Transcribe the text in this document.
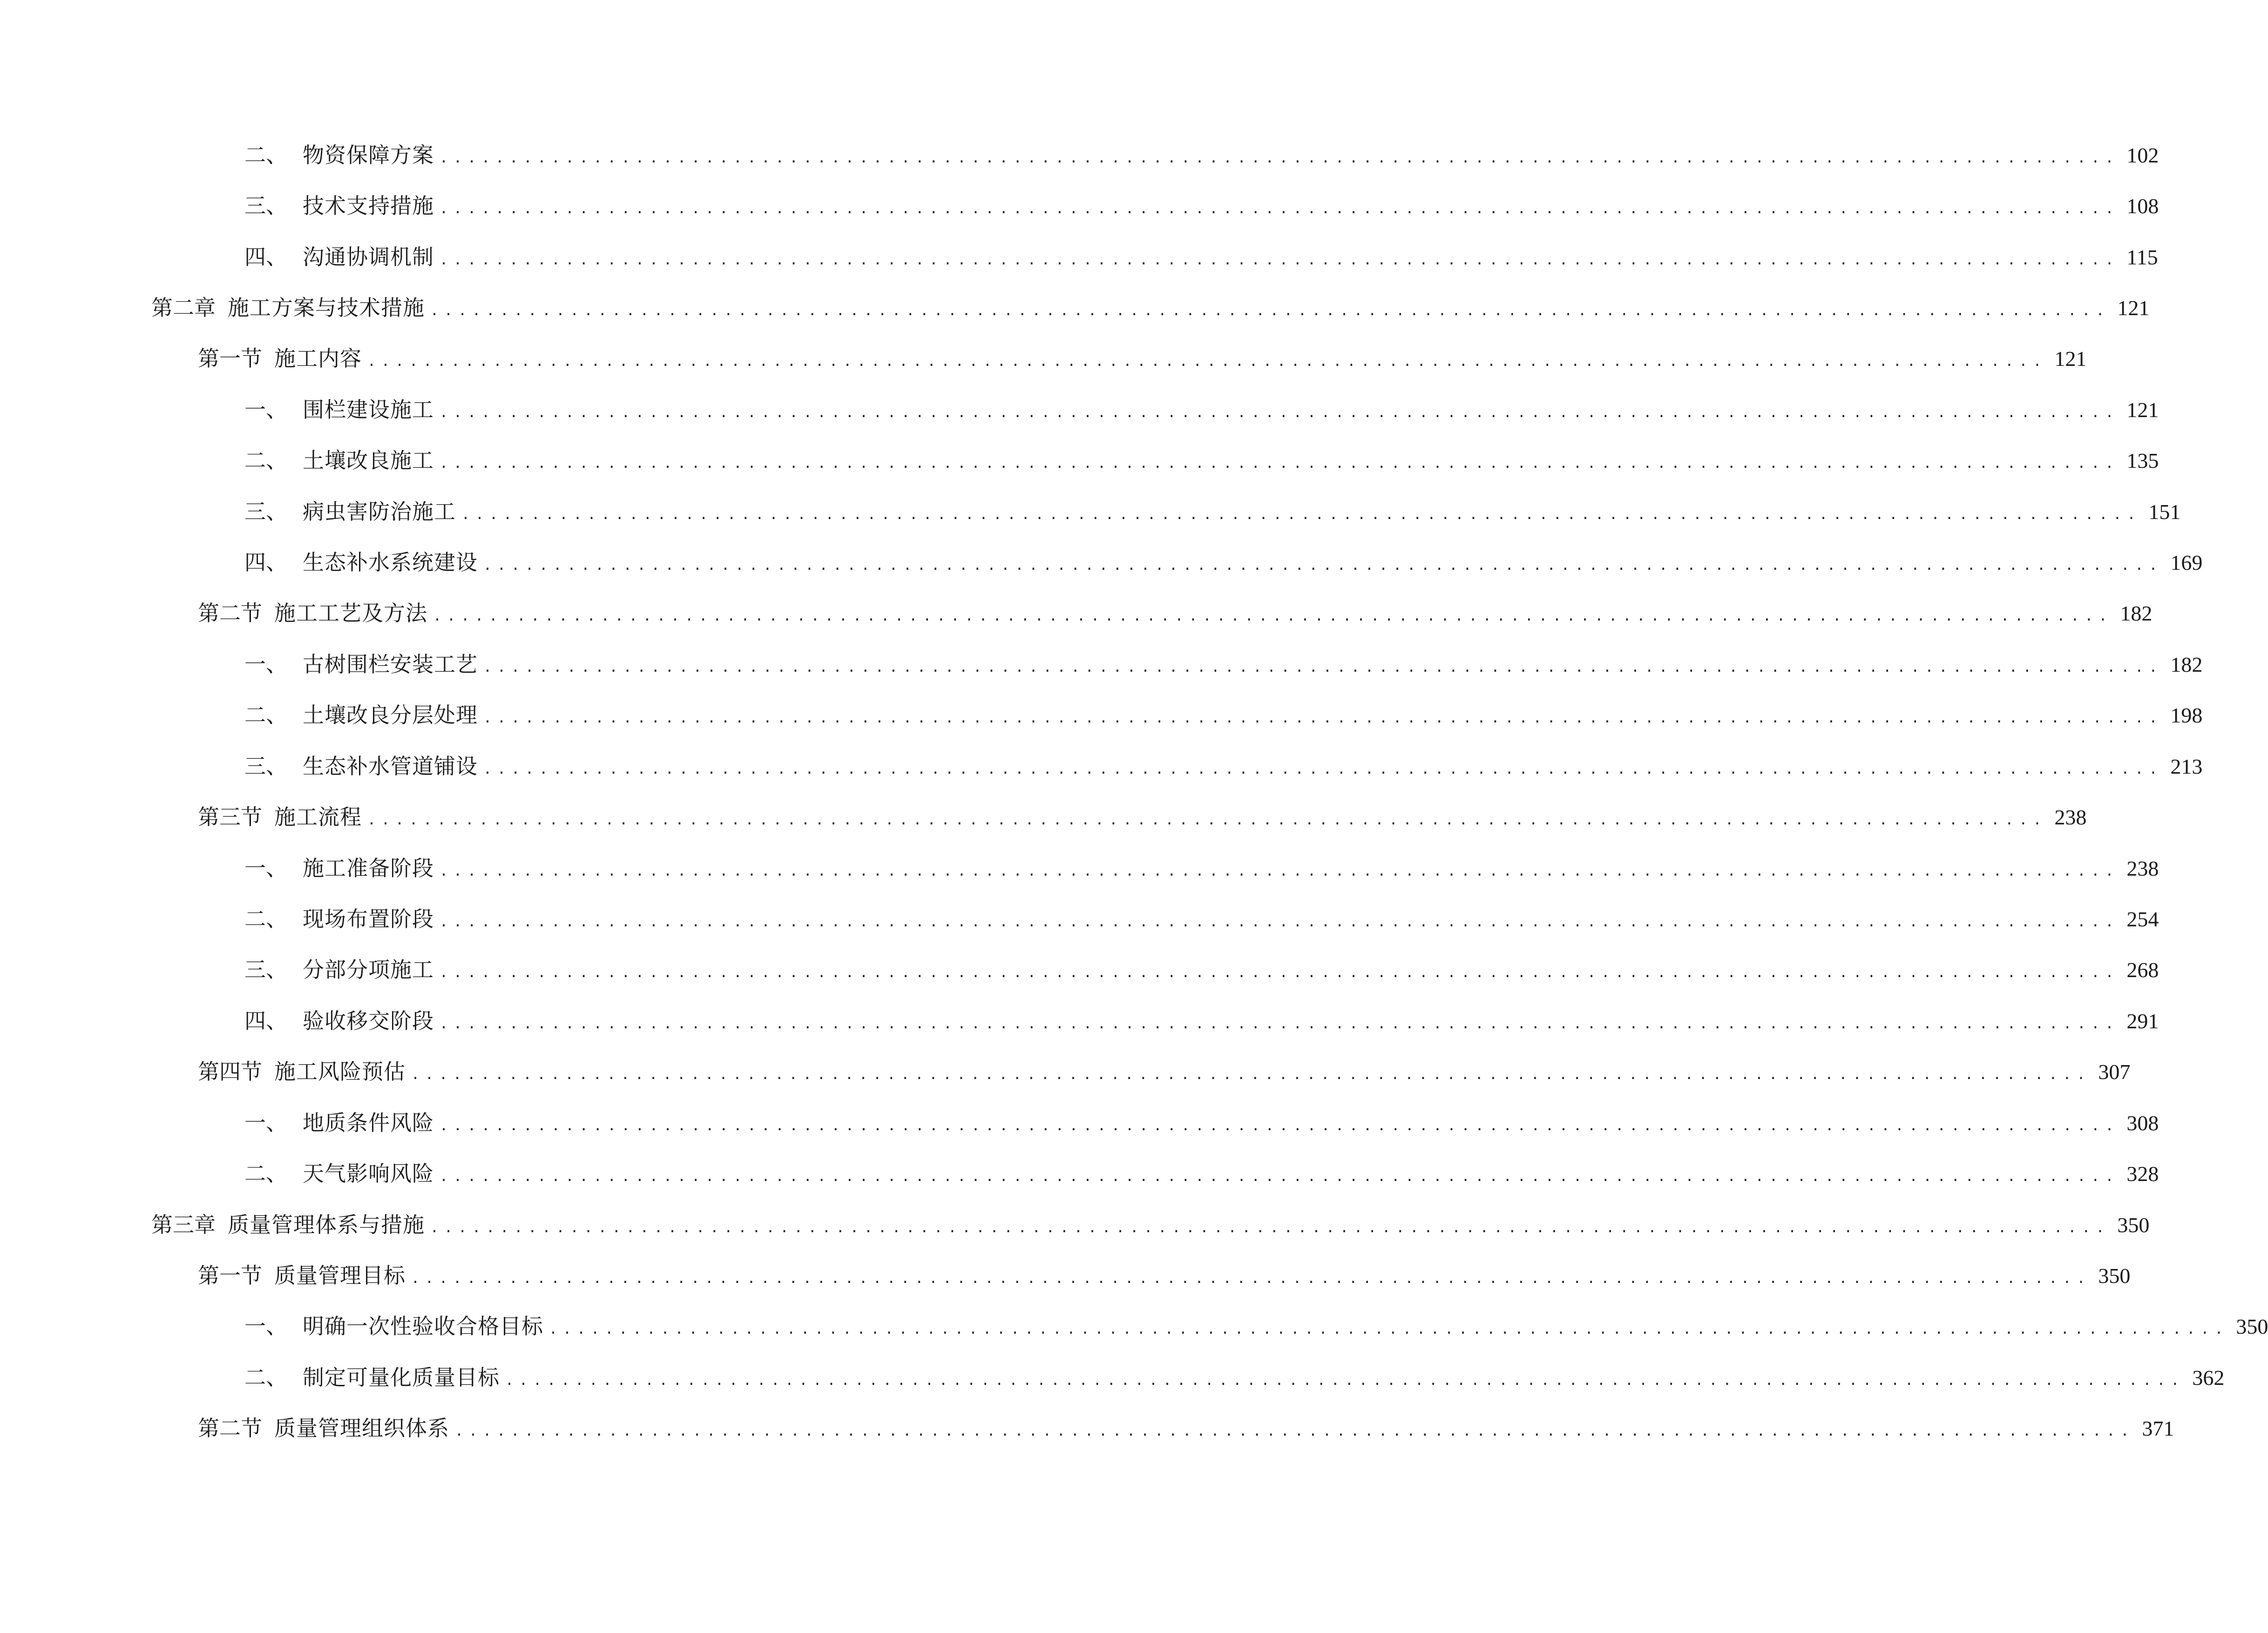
二、 物资保障方案 ........................................................................................................................ 102
三、 技术支持措施 ........................................................................................................................ 108
四、 沟通协调机制 ........................................................................................................................ 115
第二章 施工方案与技术措施 ........................................................................................................................ 121
第一节 施工内容 ........................................................................................................................ 121
一、 围栏建设施工 ........................................................................................................................ 121
二、 土壤改良施工 ........................................................................................................................ 135
三、 病虫害防治施工 ........................................................................................................................ 151
四、 生态补水系统建设 ........................................................................................................................ 169
第二节 施工工艺及方法 ........................................................................................................................ 182
一、 古树围栏安装工艺 ........................................................................................................................ 182
二、 土壤改良分层处理 ........................................................................................................................ 198
三、 生态补水管道铺设 ........................................................................................................................ 213
第三节 施工流程 ........................................................................................................................ 238
一、 施工准备阶段 ........................................................................................................................ 238
二、 现场布置阶段 ........................................................................................................................ 254
三、 分部分项施工 ........................................................................................................................ 268
四、 验收移交阶段 ........................................................................................................................ 291
第四节 施工风险预估 ........................................................................................................................ 307
一、 地质条件风险 ........................................................................................................................ 308
二、 天气影响风险 ........................................................................................................................ 328
第三章 质量管理体系与措施 ........................................................................................................................ 350
第一节 质量管理目标 ........................................................................................................................ 350
一、 明确一次性验收合格目标 ........................................................................................................................ 350
二、 制定可量化质量目标 ........................................................................................................................ 362
第二节 质量管理组织体系 ........................................................................................................................ 371
